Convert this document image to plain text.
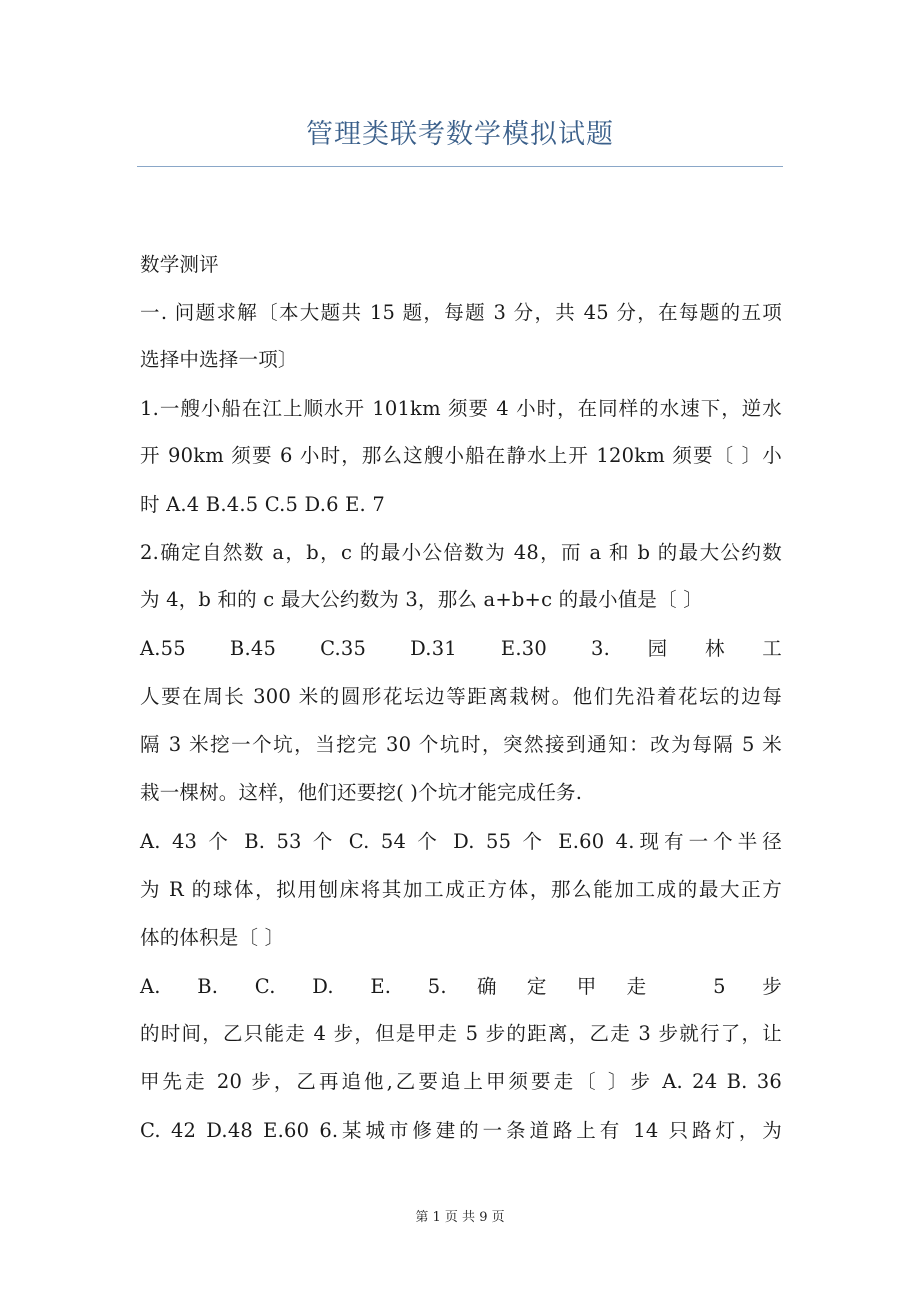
管理类联考数学模拟试题
数学测评
一. 问题求解〔本大题共 15 题，每题 3 分，共 45 分，在每题的五项
选择中选择一项〕
1.一艘小船在江上顺水开 101km 须要 4 小时，在同样的水速下，逆水
开 90km 须要 6 小时，那么这艘小船在静水上开 120km 须要〔 〕小
时 A.4 B.4.5 C.5 D.6 E. 7
2.确定自然数 a，b，c 的最小公倍数为 48，而 a 和 b 的最大公约数
为 4，b 和的 c 最大公约数为 3，那么 a+b+c 的最小值是〔 〕
A.55 B.45 C.35 D.31 E.30 3.园林工
人要在周长 300 米的圆形花坛边等距离栽树。他们先沿着花坛的边每
隔 3 米挖一个坑，当挖完 30 个坑时，突然接到通知：改为每隔 5 米
栽一棵树。这样，他们还要挖( )个坑才能完成任务.
A. 43 个 B. 53 个 C. 54 个 D. 55 个 E.60 4.现有一个半径
为 R 的球体，拟用刨床将其加工成正方体，那么能加工成的最大正方
体的体积是〔 〕
A. B. C. D. E. 5.确定甲走 5 步
的时间，乙只能走 4 步，但是甲走 5 步的距离，乙走 3 步就行了，让
甲先走 20 步，乙再追他,乙要追上甲须要走〔 〕步 A. 24 B. 36
C. 42 D.48 E.60 6.某城市修建的一条道路上有 14 只路灯，为
第 1 页 共 9 页
